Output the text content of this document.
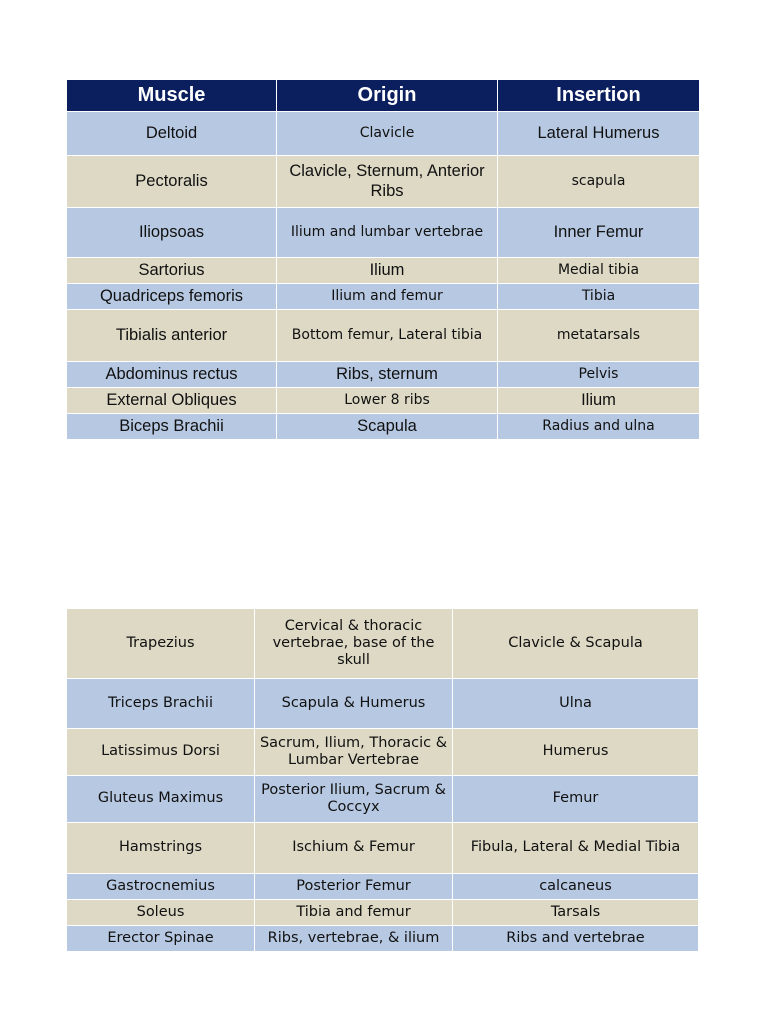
Muscle	Origin	Insertion
Deltoid	Clavicle	Lateral Humerus
Pectoralis	Clavicle, Sternum, Anterior Ribs	scapula
Iliopsoas	Ilium and lumbar vertebrae	Inner Femur
Sartorius	Ilium	Medial tibia
Quadriceps femoris	Ilium and femur	Tibia
Tibialis anterior	Bottom femur, Lateral tibia	metatarsals
Abdominus rectus	Ribs, sternum	Pelvis
External Obliques	Lower 8 ribs	Ilium
Biceps Brachii	Scapula	Radius and ulna
Trapezius	Cervical & thoracic vertebrae, base of the skull	Clavicle & Scapula
Triceps Brachii	Scapula & Humerus	Ulna
Latissimus Dorsi	Sacrum, Ilium, Thoracic & Lumbar Vertebrae	Humerus
Gluteus Maximus	Posterior Ilium, Sacrum & Coccyx	Femur
Hamstrings	Ischium & Femur	Fibula, Lateral & Medial Tibia
Gastrocnemius	Posterior Femur	calcaneus
Soleus	Tibia and femur	Tarsals
Erector Spinae	Ribs, vertebrae, & ilium	Ribs and vertebrae
